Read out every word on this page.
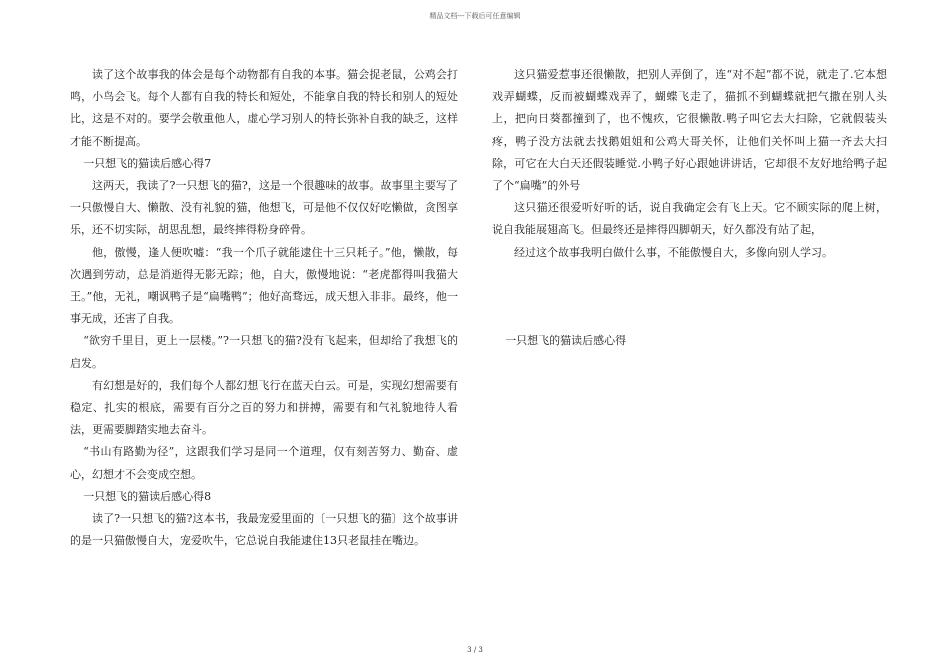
精品文档---下载后可任意编辑

读了这个故事我的体会是每个动物都有自我的本事。猫会捉老鼠，公鸡会打鸣，小鸟会飞。每个人都有自我的特长和短处，不能拿自我的特长和别人的短处比，这是不对的。要学会敬重他人，虚心学习别人的特长弥补自我的缺乏，这样才能不断提高。

一只想飞的猫读后感心得7

这两天，我读了?一只想飞的猫?，这是一个很趣味的故事。故事里主要写了一只傲慢自大、懒散、没有礼貌的猫，他想飞，可是他不仅仅好吃懒做，贪图享乐，还不切实际，胡思乱想，最终摔得粉身碎骨。

他，傲慢，逢人便吹嘘：“我一个爪子就能逮住十三只耗子。”他，懒散，每次遇到劳动，总是消逝得无影无踪；他，自大，傲慢地说：“老虎都得叫我猫大王。”他，无礼，嘲讽鸭子是“扁嘴鸭”；他好高骛远，成天想入非非。最终，他一事无成，还害了自我。

“欲穷千里目，更上一层楼。”?一只想飞的猫?没有飞起来，但却给了我想飞的启发。

有幻想是好的，我们每个人都幻想飞行在蓝天白云。可是，实现幻想需要有稳定、扎实的根底，需要有百分之百的努力和拼搏，需要有和气礼貌地待人看法，更需要脚踏实地去奋斗。

“书山有路勤为径”，这跟我们学习是同一个道理，仅有刻苦努力、勤奋、虚心，幻想才不会变成空想。

一只想飞的猫读后感心得8

读了?一只想飞的猫?这本书，我最宠爱里面的〔一只想飞的猫〕这个故事讲的是一只猫傲慢自大，宠爱吹牛，它总说自我能逮住13只老鼠挂在嘴边。

这只猫爱惹事还很懒散，把别人弄倒了，连“对不起”都不说，就走了.它本想戏弄蝴蝶，反而被蝴蝶戏弄了，蝴蝶飞走了，猫抓不到蝴蝶就把气撒在别人头上，把向日葵都撞到了，也不愧疚，它很懒散.鸭子叫它去大扫除，它就假装头疼，鸭子没方法就去找鹅姐姐和公鸡大哥关怀，让他们关怀叫上猫一齐去大扫除，可它在大白天还假装睡觉.小鸭子好心跟她讲讲话，它却很不友好地给鸭子起了个“扁嘴”的外号

这只猫还很爱听好听的话，说自我确定会有飞上天。它不顾实际的爬上树，说自我能展翅高飞。但最终还是摔得四脚朝天，好久都没有站了起，

经过这个故事我明白做什么事，不能傲慢自大，多像向别人学习。

一只想飞的猫读后感心得

3 / 3
